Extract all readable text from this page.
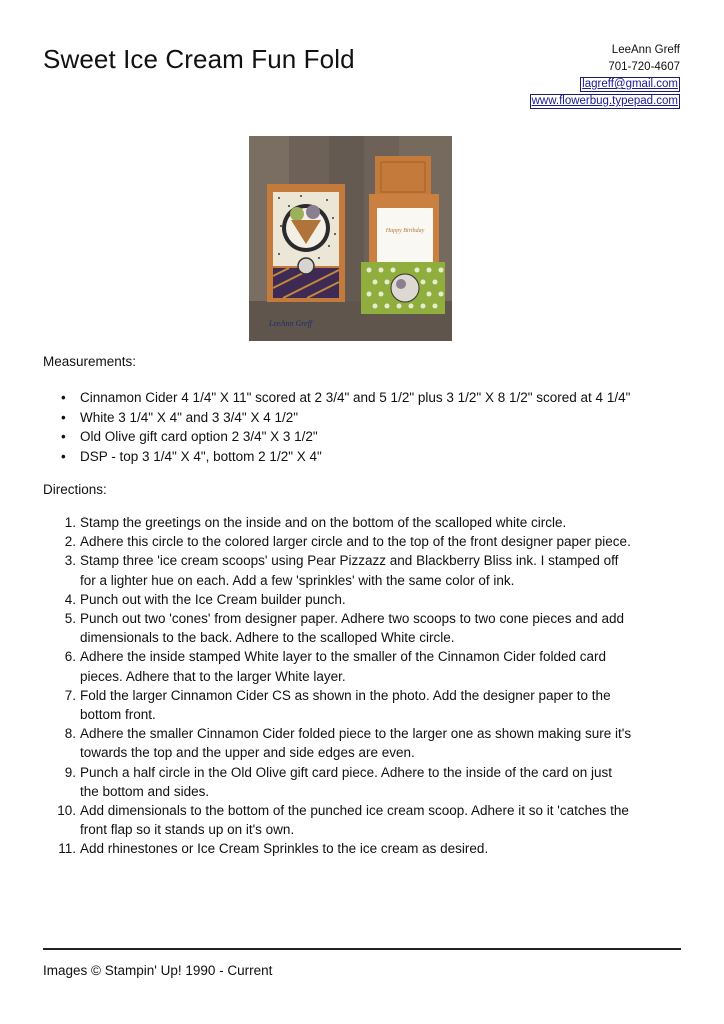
Sweet Ice Cream Fun Fold	LeeAnn Greff
701-720-4607
lagreff@gmail.com
www.flowerbug.typepad.com
Happy Birthday
LeeAnn Greff
Measurements:
• Cinnamon Cider 4 1/4" X 11" scored at 2 3/4" and 5 1/2" plus 3 1/2" X 8 1/2" scored at 4 1/4"
• White 3 1/4" X 4" and 3 3/4" X 4 1/2"
• Old Olive gift card option 2 3/4" X 3 1/2"
• DSP - top 3 1/4" X 4", bottom 2 1/2" X 4"
Directions:
1. Stamp the greetings on the inside and on the bottom of the scalloped white circle.
2. Adhere this circle to the colored larger circle and to the top of the front designer paper piece.
3. Stamp three 'ice cream scoops' using Pear Pizzazz and Blackberry Bliss ink. I stamped off
for a lighter hue on each. Add a few 'sprinkles' with the same color of ink.
4. Punch out with the Ice Cream builder punch.
5. Punch out two 'cones' from designer paper. Adhere two scoops to two cone pieces and add
dimensionals to the back. Adhere to the scalloped White circle.
6. Adhere the inside stamped White layer to the smaller of the Cinnamon Cider folded card
pieces. Adhere that to the larger White layer.
7. Fold the larger Cinnamon Cider CS as shown in the photo. Add the designer paper to the
bottom front.
8. Adhere the smaller Cinnamon Cider folded piece to the larger one as shown making sure it's
towards the top and the upper and side edges are even.
9. Punch a half circle in the Old Olive gift card piece. Adhere to the inside of the card on just
the bottom and sides.
10. Add dimensionals to the bottom of the punched ice cream scoop. Adhere it so it 'catches the
front flap so it stands up on it's own.
11. Add rhinestones or Ice Cream Sprinkles to the ice cream as desired.
Images © Stampin' Up! 1990 - Current
